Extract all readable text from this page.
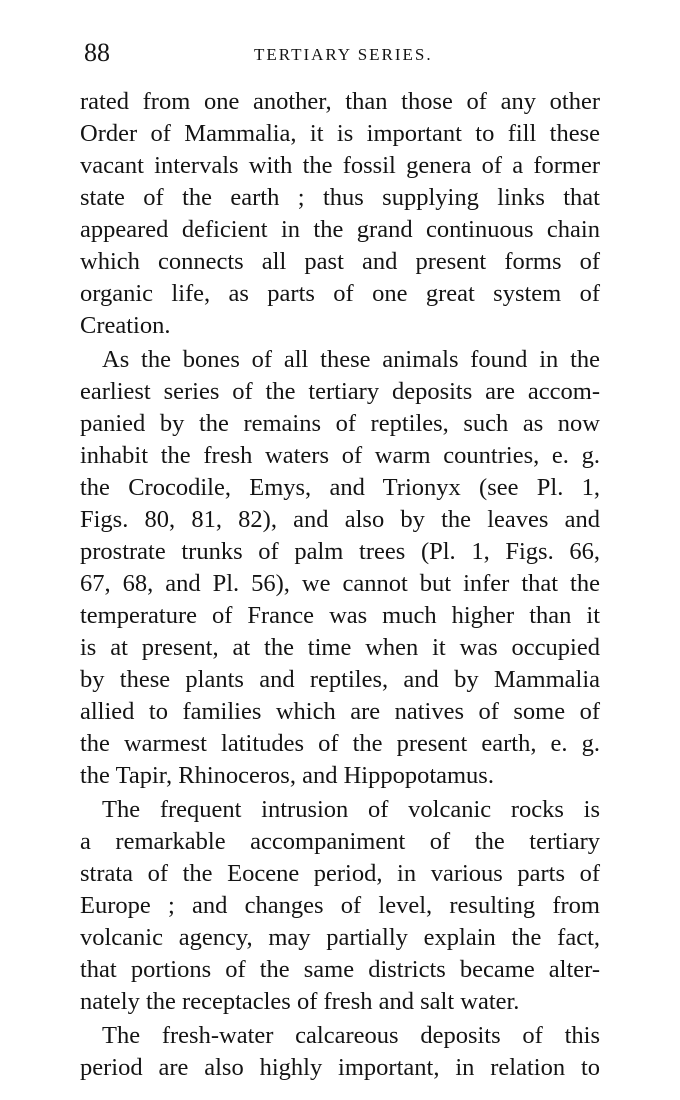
88	TERTIARY SERIES.
rated from one another, than those of any other
Order of Mammalia, it is important to fill these
vacant intervals with the fossil genera of a former
state of the earth ; thus supplying links that
appeared deficient in the grand continuous chain
which connects all past and present forms of
organic life, as parts of one great system of
Creation.
As the bones of all these animals found in the
earliest series of the tertiary deposits are accom-
panied by the remains of reptiles, such as now
inhabit the fresh waters of warm countries, e. g.
the Crocodile, Emys, and Trionyx (see Pl. 1,
Figs. 80, 81, 82), and also by the leaves and
prostrate trunks of palm trees (Pl. 1, Figs. 66,
67, 68, and Pl. 56), we cannot but infer that the
temperature of France was much higher than it
is at present, at the time when it was occupied
by these plants and reptiles, and by Mammalia
allied to families which are natives of some of
the warmest latitudes of the present earth, e. g.
the Tapir, Rhinoceros, and Hippopotamus.
The frequent intrusion of volcanic rocks is
a remarkable accompaniment of the tertiary
strata of the Eocene period, in various parts of
Europe ; and changes of level, resulting from
volcanic agency, may partially explain the fact,
that portions of the same districts became alter-
nately the receptacles of fresh and salt water.
The fresh-water calcareous deposits of this
period are also highly important, in relation to
